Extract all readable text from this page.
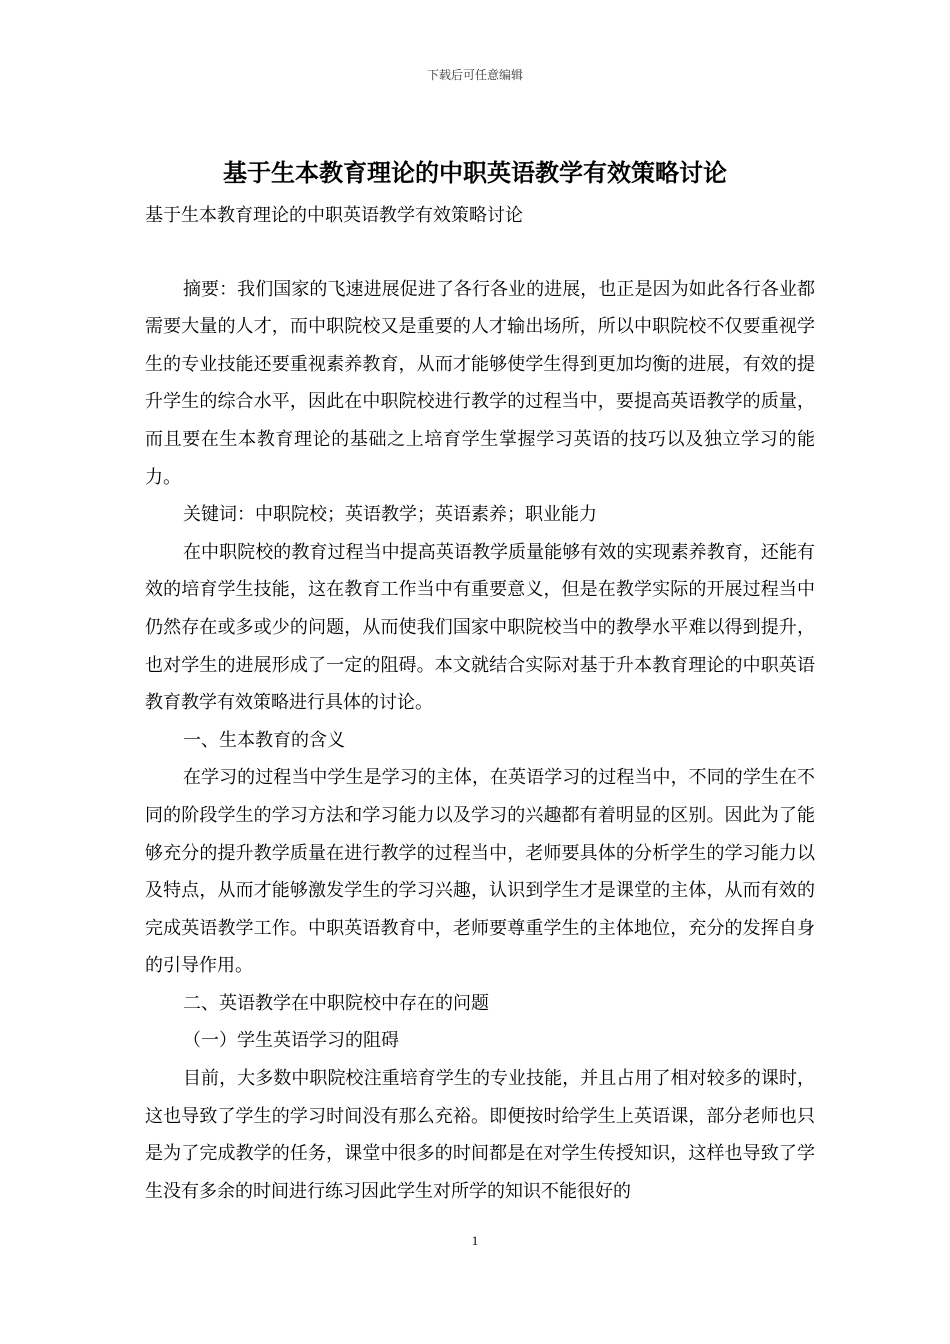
下载后可任意编辑
基于生本教育理论的中职英语教学有效策略讨论

基于生本教育理论的中职英语教学有效策略讨论

摘要：我们国家的飞速进展促进了各行各业的进展，也正是因为如此各行各业都需要大量的人才，而中职院校又是重要的人才输出场所，所以中职院校不仅要重视学生的专业技能还要重视素养教育，从而才能够使学生得到更加均衡的进展，有效的提升学生的综合水平，因此在中职院校进行教学的过程当中，要提高英语教学的质量，而且要在生本教育理论的基础之上培育学生掌握学习英语的技巧以及独立学习的能力。

关键词：中职院校；英语教学；英语素养；职业能力

在中职院校的教育过程当中提高英语教学质量能够有效的实现素养教育，还能有效的培育学生技能，这在教育工作当中有重要意义，但是在教学实际的开展过程当中仍然存在或多或少的问题，从而使我们国家中职院校当中的教學水平难以得到提升，也对学生的进展形成了一定的阻碍。本文就结合实际对基于升本教育理论的中职英语教育教学有效策略进行具体的讨论。

一、生本教育的含义

在学习的过程当中学生是学习的主体，在英语学习的过程当中，不同的学生在不同的阶段学生的学习方法和学习能力以及学习的兴趣都有着明显的区别。因此为了能够充分的提升教学质量在进行教学的过程当中，老师要具体的分析学生的学习能力以及特点，从而才能够激发学生的学习兴趣，认识到学生才是课堂的主体，从而有效的完成英语教学工作。中职英语教育中，老师要尊重学生的主体地位，充分的发挥自身的引导作用。

二、英语教学在中职院校中存在的问题

（一）学生英语学习的阻碍

目前，大多数中职院校注重培育学生的专业技能，并且占用了相对较多的课时，这也导致了学生的学习时间没有那么充裕。即便按时给学生上英语课，部分老师也只是为了完成教学的任务，课堂中很多的时间都是在对学生传授知识，这样也导致了学生没有多余的时间进行练习因此学生对所学的知识不能很好的

1
